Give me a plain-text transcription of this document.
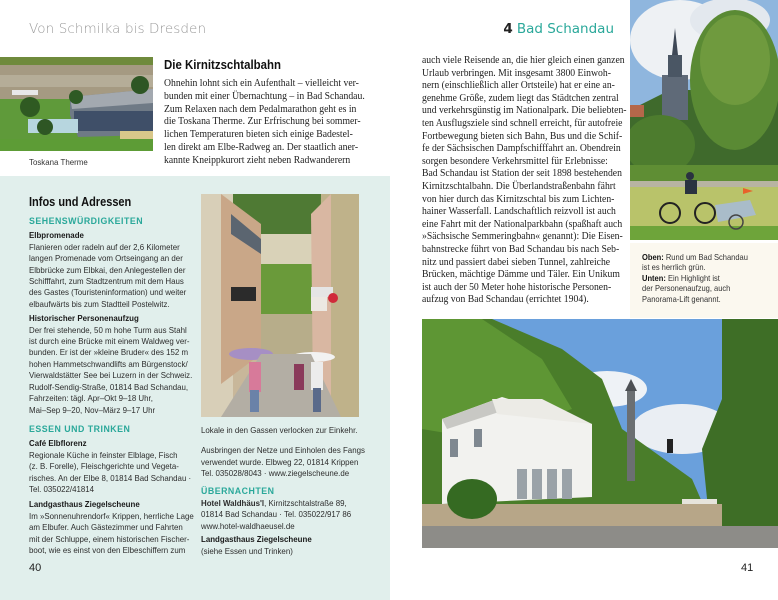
Von Schmilka bis Dresden
Toskana Therme
Die Kirnitzschtalbahn

Ohnehin lohnt sich ein Aufenthalt – vielleicht ver-

bunden mit einer Übernachtung – in Bad Schandau.

Zum Relaxen nach dem Pedalmarathon geht es in

die Toskana Therme. Zur Erfrischung bei sommer-

lichen Temperaturen bieten sich einige Badestel-

len direkt am Elbe-Radweg an. Der staatlich aner-

kannte Kneippkurort zieht neben Radwanderern

Infos und Adressen
SEHENSWÜRDIGKEITEN
Elbpromenade
Flanieren oder radeln auf der 2,6 Kilometer
langen Promenade vom Ortseingang an der
Elbbrücke zum Elbkai, den Anlegestellen der
Schifffahrt, zum Stadtzentrum mit dem Haus
des Gastes (Touristeninformation) und weiter
elbaufwärts bis zum Stadtteil Postelwitz.
Historischer Personenaufzug
Der frei stehende, 50 m hohe Turm aus Stahl
ist durch eine Brücke mit einem Waldweg ver-
bunden. Er ist der »kleine Bruder« des 152 m
hohen Hammetschwandlifts am Bürgenstock/
Vierwaldstätter See bei Luzern in der Schweiz.
Rudolf-Sendig-Straße, 01814 Bad Schandau,
Fahrzeiten: tägl. Apr–Okt 9–18 Uhr,
Mai–Sep 9–20, Nov–März 9–17 Uhr
ESSEN UND TRINKEN
Café Elbflorenz
Regionale Küche in feinster Elblage, Fisch
(z. B. Forelle), Fleischgerichte und Vegeta-
risches. An der Elbe 8, 01814 Bad Schandau ·
Tel. 035022/41814
Landgasthaus Ziegelscheune
Im »Sonnenuhrendorf« Krippen, herrliche Lage
am Elbufer. Auch Gästezimmer und Fahrten
mit der Schluppe, einem historischen Fischer-
boot, wie es einst von den Elbeschiffern zum
Lokale in den Gassen verlocken zur Einkehr.
Ausbringen der Netze und Einholen des Fangs
verwendet wurde. Elbweg 22, 01814 Krippen
Tel. 035028/8043 · www.ziegelscheune.de
ÜBERNACHTEN
Hotel Waldhäus'l, Kirnitzschtalstraße 89,
01814 Bad Schandau · Tel. 035022/917 86
www.hotel-waldhaeusel.de
Landgasthaus Ziegelscheune
(siehe Essen und Trinken)
40
4 Bad Schandau

auch viele Reisende an, die hier gleich einen ganzen

Urlaub verbringen. Mit insgesamt 3800 Einwoh-

nern (einschließlich aller Ortsteile) hat er eine an-

genehme Größe, zudem liegt das Städtchen zentral

und verkehrsgünstig im Nationalpark. Die beliebten-

ten Ausflugsziele sind schnell erreicht, für autofreie

Fortbewegung bieten sich Bahn, Bus und die Schif-

fe der Sächsischen Dampfschifffahrt an. Obendrein

sorgen besondere Verkehrsmittel für Erlebnisse:

Bad Schandau ist Station der seit 1898 bestehenden

Kirnitzschtalbahn. Die Überlandstraßenbahn fährt

von hier durch das Kirnitzschtal bis zum Lichten-

hainer Wasserfall. Landschaftlich reizvoll ist auch

eine Fahrt mit der Nationalparkbahn (spaßhaft auch

»Sächsische Semmeringbahn« genannt): Die Eisen-

bahnstrecke führt von Bad Schandau bis nach Seb-

nitz und passiert dabei sieben Tunnel, zahlreiche

Brücken, mächtige Dämme und Täler. Ein Unikum

ist auch der 50 Meter hohe historische Personen-

aufzug von Bad Schandau (errichtet 1904).

41
Oben: Rund um Bad Schandau
ist es herrlich grün.
Unten: Ein Highlight ist
der Personenaufzug, auch
Panorama-Lift genannt.
